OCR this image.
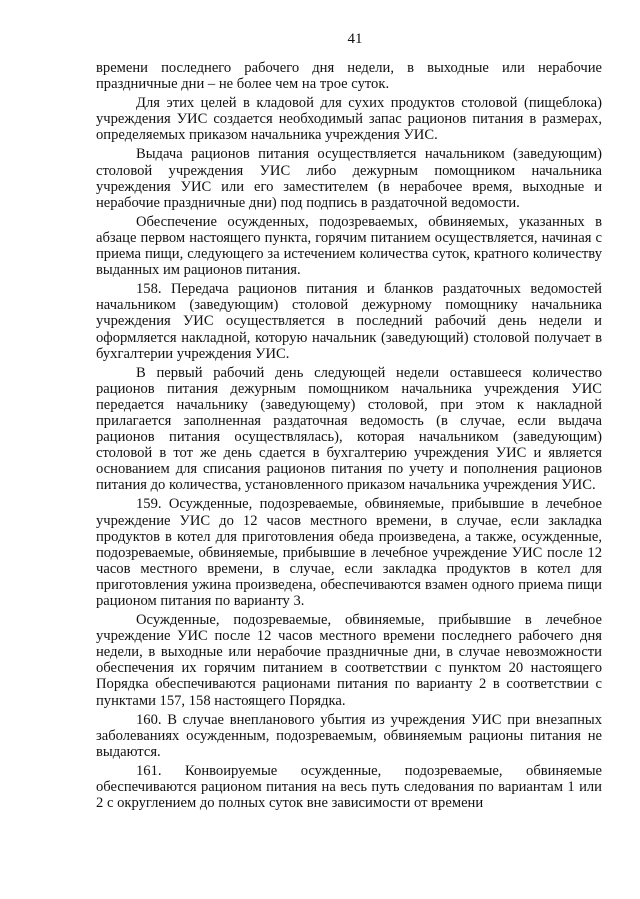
41

времени последнего рабочего дня недели, в выходные или нерабочие праздничные дни – не более чем на трое суток.

Для этих целей в кладовой для сухих продуктов столовой (пищеблока) учреждения УИС создается необходимый запас рационов питания в размерах, определяемых приказом начальника учреждения УИС.

Выдача рационов питания осуществляется начальником (заведующим) столовой учреждения УИС либо дежурным помощником начальника учреждения УИС или его заместителем (в нерабочее время, выходные и нерабочие праздничные дни) под подпись в раздаточной ведомости.

Обеспечение осужденных, подозреваемых, обвиняемых, указанных в абзаце первом настоящего пункта, горячим питанием осуществляется, начиная с приема пищи, следующего за истечением количества суток, кратного количеству выданных им рационов питания.

158. Передача рационов питания и бланков раздаточных ведомостей начальником (заведующим) столовой дежурному помощнику начальника учреждения УИС осуществляется в последний рабочий день недели и оформляется накладной, которую начальник (заведующий) столовой получает в бухгалтерии учреждения УИС.

В первый рабочий день следующей недели оставшееся количество рационов питания дежурным помощником начальника учреждения УИС передается начальнику (заведующему) столовой, при этом к накладной прилагается заполненная раздаточная ведомость (в случае, если выдача рационов питания осуществлялась), которая начальником (заведующим) столовой в тот же день сдается в бухгалтерию учреждения УИС и является основанием для списания рационов питания по учету и пополнения рационов питания до количества, установленного приказом начальника учреждения УИС.

159. Осужденные, подозреваемые, обвиняемые, прибывшие в лечебное учреждение УИС до 12 часов местного времени, в случае, если закладка продуктов в котел для приготовления обеда произведена, а также, осужденные, подозреваемые, обвиняемые, прибывшие в лечебное учреждение УИС после 12 часов местного времени, в случае, если закладка продуктов в котел для приготовления ужина произведена, обеспечиваются взамен одного приема пищи рационом питания по варианту 3.

Осужденные, подозреваемые, обвиняемые, прибывшие в лечебное учреждение УИС после 12 часов местного времени последнего рабочего дня недели, в выходные или нерабочие праздничные дни, в случае невозможности обеспечения их горячим питанием в соответствии с пунктом 20 настоящего Порядка обеспечиваются рационами питания по варианту 2 в соответствии с пунктами 157, 158 настоящего Порядка.

160. В случае внепланового убытия из учреждения УИС при внезапных заболеваниях осужденным, подозреваемым, обвиняемым рационы питания не выдаются.

161. Конвоируемые осужденные, подозреваемые, обвиняемые обеспечиваются рационом питания на весь путь следования по вариантам 1 или 2 с округлением до полных суток вне зависимости от времени
